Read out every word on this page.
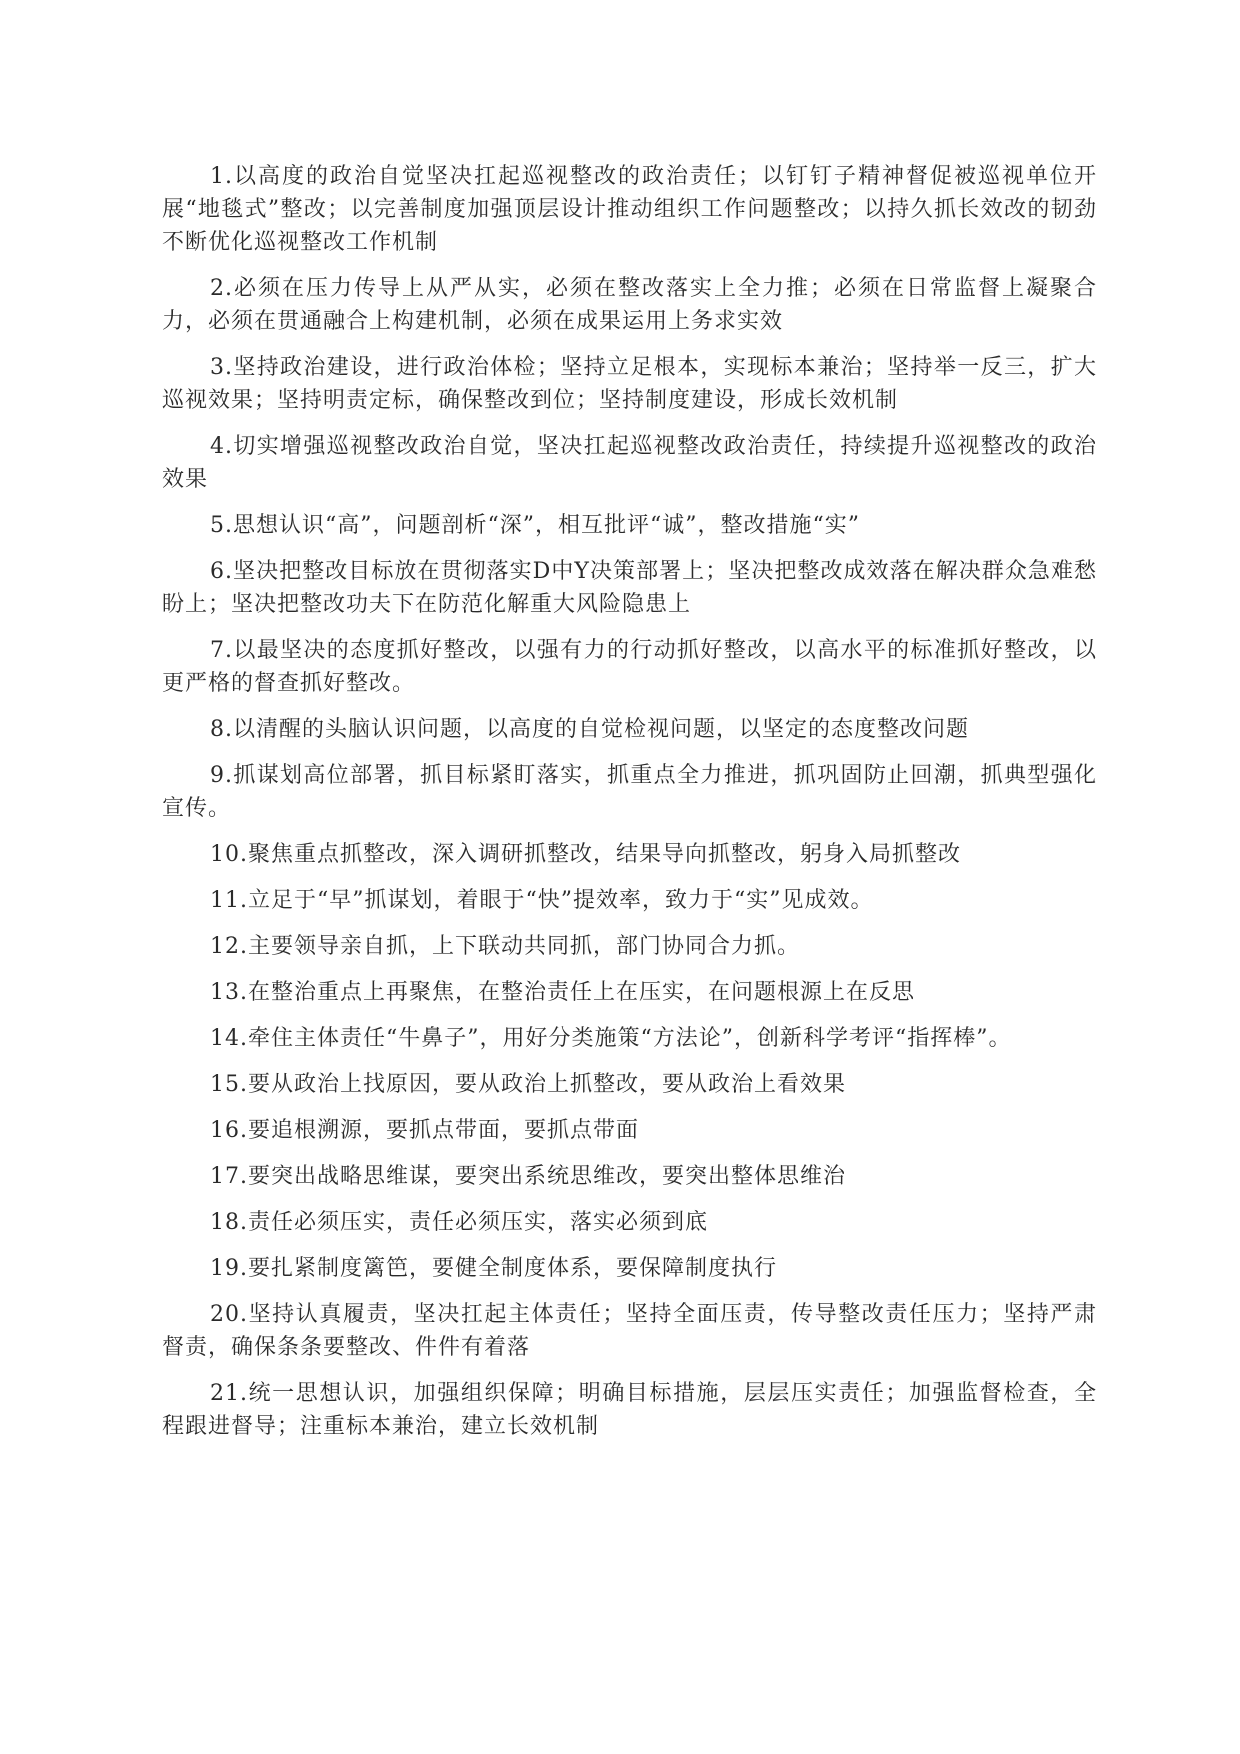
1.以高度的政治自觉坚决扛起巡视整改的政治责任；以钉钉子精神督促被巡视单位开展“地毯式”整改；以完善制度加强顶层设计推动组织工作问题整改；以持久抓长效改的韧劲不断优化巡视整改工作机制

2.必须在压力传导上从严从实，必须在整改落实上全力推；必须在日常监督上凝聚合力，必须在贯通融合上构建机制，必须在成果运用上务求实效

3.坚持政治建设，进行政治体检；坚持立足根本，实现标本兼治；坚持举一反三，扩大巡视效果；坚持明责定标，确保整改到位；坚持制度建设，形成长效机制

4.切实增强巡视整改政治自觉，坚决扛起巡视整改政治责任，持续提升巡视整改的政治效果

5.思想认识“高”，问题剖析“深”，相互批评“诚”，整改措施“实”

6.坚决把整改目标放在贯彻落实D中Y决策部署上；坚决把整改成效落在解决群众急难愁盼上；坚决把整改功夫下在防范化解重大风险隐患上

7.以最坚决的态度抓好整改，以强有力的行动抓好整改，以高水平的标准抓好整改，以更严格的督查抓好整改。

8.以清醒的头脑认识问题，以高度的自觉检视问题，以坚定的态度整改问题

9.抓谋划高位部署，抓目标紧盯落实，抓重点全力推进，抓巩固防止回潮，抓典型强化宣传。

10.聚焦重点抓整改，深入调研抓整改，结果导向抓整改，躬身入局抓整改

11.立足于“早”抓谋划，着眼于“快”提效率，致力于“实”见成效。

12.主要领导亲自抓，上下联动共同抓，部门协同合力抓。

13.在整治重点上再聚焦，在整治责任上在压实，在问题根源上在反思

14.牵住主体责任“牛鼻子”，用好分类施策“方法论”，创新科学考评“指挥棒”。

15.要从政治上找原因，要从政治上抓整改，要从政治上看效果

16.要追根溯源，要抓点带面，要抓点带面

17.要突出战略思维谋，要突出系统思维改，要突出整体思维治

18.责任必须压实，责任必须压实，落实必须到底

19.要扎紧制度篱笆，要健全制度体系，要保障制度执行

20.坚持认真履责，坚决扛起主体责任；坚持全面压责，传导整改责任压力；坚持严肃督责，确保条条要整改、件件有着落

21.统一思想认识，加强组织保障；明确目标措施，层层压实责任；加强监督检查，全程跟进督导；注重标本兼治，建立长效机制
